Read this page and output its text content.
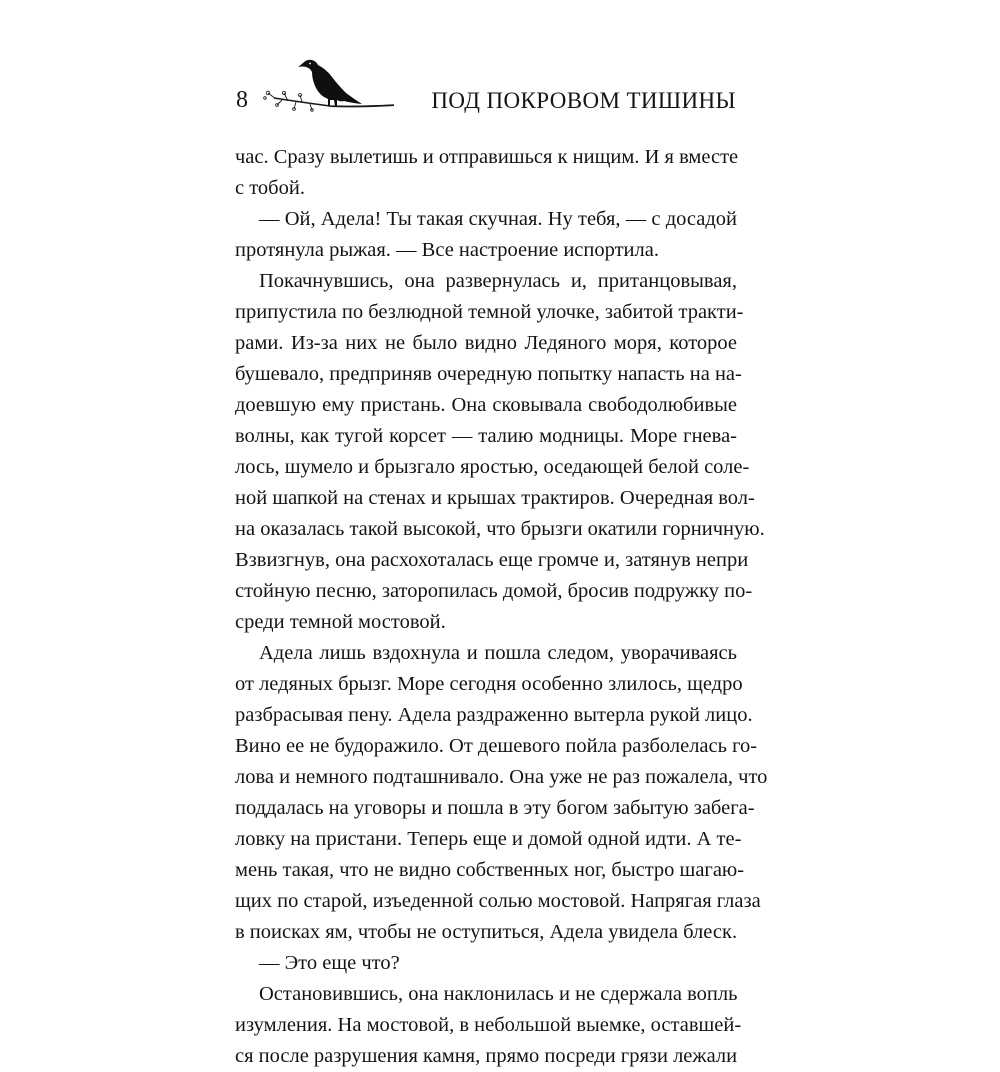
8	ПОД ПОКРОВОМ ТИШИНЫ
час. Сразу вылетишь и отправишься к нищим. И я вместе
с тобой.
— Ой, Адела! Ты такая скучная. Ну тебя, — с досадой
протянула рыжая. — Все настроение испортила.
Покачнувшись, она развернулась и, пританцовывая,
припустила по безлюдной темной улочке, забитой тракти-
рами. Из-за них не было видно Ледяного моря, которое
бушевало, предприняв очередную попытку напасть на на-
доевшую ему пристань. Она сковывала свободолюбивые
волны, как тугой корсет — талию модницы. Море гнева-
лось, шумело и брызгало яростью, оседающей белой соле-
ной шапкой на стенах и крышах трактиров. Очередная вол-
на оказалась такой высокой, что брызги окатили горничную.
Взвизгнув, она расхохоталась еще громче и, затянув непри
стойную песню, заторопилась домой, бросив подружку по-
среди темной мостовой.
Адела лишь вздохнула и пошла следом, уворачиваясь
от ледяных брызг. Море сегодня особенно злилось, щедро
разбрасывая пену. Адела раздраженно вытерла рукой лицо.
Вино ее не будоражило. От дешевого пойла разболелась го-
лова и немного подташнивало. Она уже не раз пожалела, что
поддалась на уговоры и пошла в эту богом забытую забега-
ловку на пристани. Теперь еще и домой одной идти. А те-
мень такая, что не видно собственных ног, быстро шагаю-
щих по старой, изъеденной солью мостовой. Напрягая глаза
в поисках ям, чтобы не оступиться, Адела увидела блеск.
— Это еще что?
Остановившись, она наклонилась и не сдержала вопль
изумления. На мостовой, в небольшой выемке, оставшей-
ся после разрушения камня, прямо посреди грязи лежали
